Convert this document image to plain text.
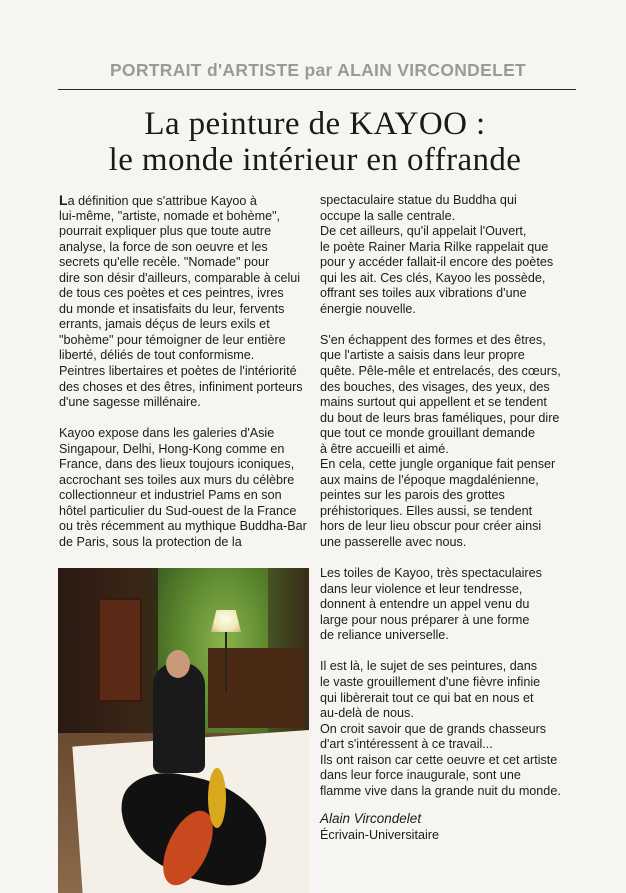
PORTRAIT d'ARTISTE par ALAIN VIRCONDELET
La peinture de KAYOO :
le monde intérieur en offrande
La définition que s'attribue Kayoo à
lui-même, "artiste, nomade et bohème",
pourrait expliquer plus que toute autre
analyse, la force de son oeuvre et les
secrets qu'elle recèle. "Nomade" pour
dire son désir d'ailleurs, comparable à celui
de tous ces poètes et ces peintres, ivres
du monde et insatisfaits du leur, fervents
errants, jamais déçus de leurs exils et
"bohème" pour témoigner de leur entière
liberté, déliés de tout conformisme.
Peintres libertaires et poètes de l'intériorité
des choses et des êtres, infiniment porteurs
d'une sagesse millénaire.
Kayoo expose dans les galeries d'Asie
Singapour, Delhi, Hong-Kong comme en
France, dans des lieux toujours iconiques,
accrochant ses toiles aux murs du célèbre
collectionneur et industriel Pams en son
hôtel particulier du Sud-ouest de la France
ou très récemment au mythique Buddha-Bar
de Paris, sous la protection de la
spectaculaire statue du Buddha qui
occupe la salle centrale.
De cet ailleurs, qu'il appelait l'Ouvert,
le poète Rainer Maria Rilke rappelait que
pour y accéder fallait-il encore des poètes
qui les ait. Ces clés, Kayoo les possède,
offrant ses toiles aux vibrations d'une
énergie nouvelle.
S'en échappent des formes et des êtres,
que l'artiste a saisis dans leur propre
quête. Pêle-mêle et entrelacés, des cœurs,
des bouches, des visages, des yeux, des
mains surtout qui appellent et se tendent
du bout de leurs bras faméliques, pour dire
que tout ce monde grouillant demande
à être accueilli et aimé.
En cela, cette jungle organique fait penser
aux mains de l'époque magdalénienne,
peintes sur les parois des grottes
préhistoriques. Elles aussi, se tendent
hors de leur lieu obscur pour créer ainsi
une passerelle avec nous.
Les toiles de Kayoo, très spectaculaires
dans leur violence et leur tendresse,
donnent à entendre un appel venu du
large pour nous préparer à une forme
de reliance universelle.
Il est là, le sujet de ses peintures, dans
le vaste grouillement d'une fièvre infinie
qui libèrerait tout ce qui bat en nous et
au-delà de nous.
On croit savoir que de grands chasseurs
d'art s'intéressent à ce travail...
Ils ont raison car cette oeuvre et cet artiste
dans leur force inaugurale, sont une
flamme vive dans la grande nuit du monde.
Alain Vircondelet
Écrivain-Universitaire
